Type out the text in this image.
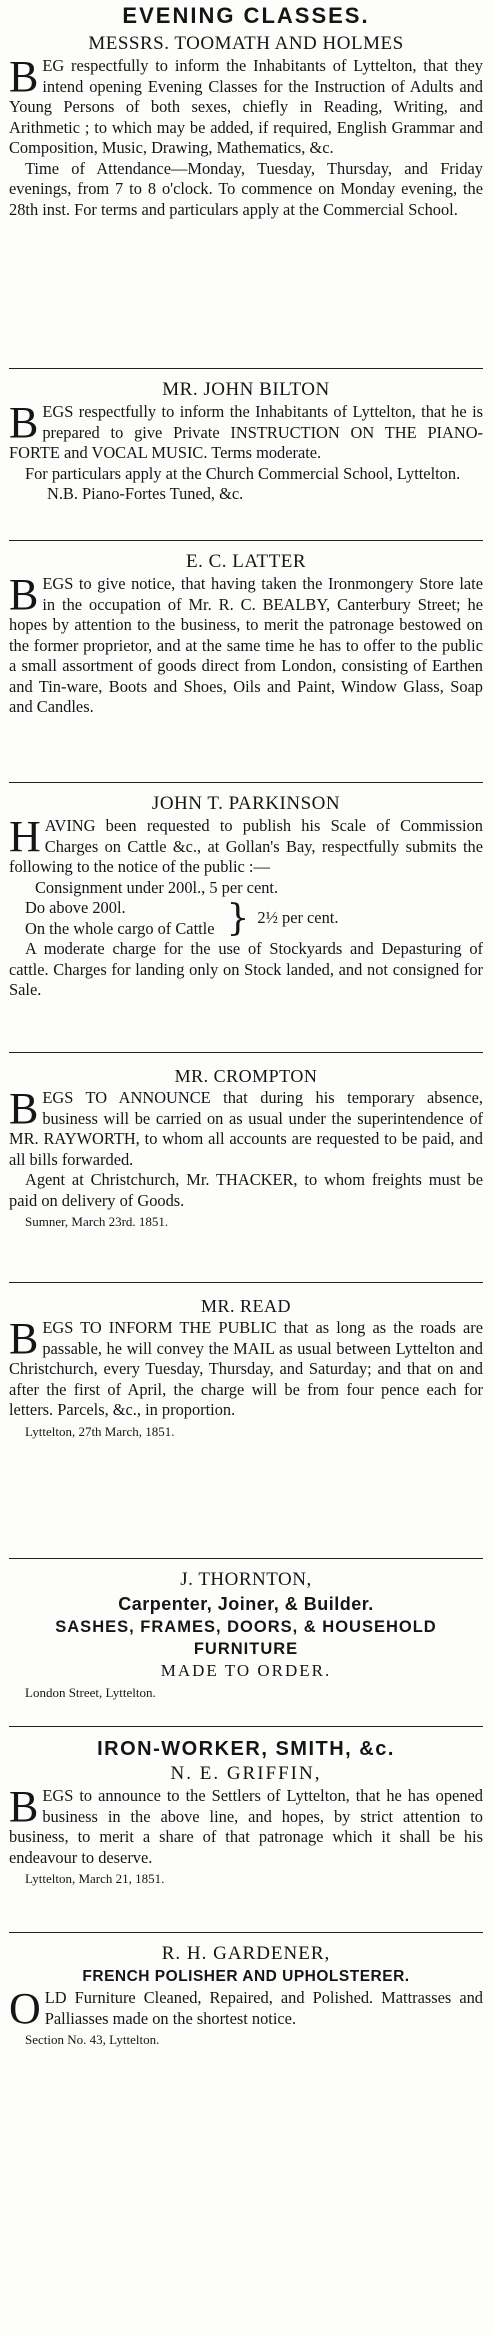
EVENING CLASSES.
MESSRS. TOOMATH AND HOLMES

BEG respectfully to inform the Inhabitants of Lyttelton, that they intend opening Evening Classes for the Instruction of Adults and Young Persons of both sexes, chiefly in Reading, Writing, and Arithmetic ; to which may be added, if required, English Grammar and Composition, Music, Drawing, Mathematics, &c.

Time of Attendance—Monday, Tuesday, Thursday, and Friday evenings, from 7 to 8 o'clock. To commence on Monday evening, the 28th inst. For terms and particulars apply at the Commercial School.

MR. JOHN BILTON

BEGS respectfully to inform the Inhabitants of Lyttelton, that he is prepared to give Private INSTRUCTION ON THE PIANO-FORTE and VOCAL MUSIC. Terms moderate.

For particulars apply at the Church Commercial School, Lyttelton.

N.B. Piano-Fortes Tuned, &c.

E. C. LATTER

BEGS to give notice, that having taken the Ironmongery Store late in the occupation of Mr. R. C. BEALBY, Canterbury Street; he hopes by attention to the business, to merit the patronage bestowed on the former proprietor, and at the same time he has to offer to the public a small assortment of goods direct from London, consisting of Earthen and Tin-ware, Boots and Shoes, Oils and Paint, Window Glass, Soap and Candles.

JOHN T. PARKINSON

HAVING been requested to publish his Scale of Commission Charges on Cattle &c., at Gollan's Bay, respectfully submits the following to the notice of the public :—

Consignment under 200l., 5 per cent.

Do above 200l.

On the whole cargo of Cattle } 2½ per cent.

A moderate charge for the use of Stockyards and Depasturing of cattle. Charges for landing only on Stock landed, and not consigned for Sale.

MR. CROMPTON

BEGS TO ANNOUNCE that during his temporary absence, business will be carried on as usual under the superintendence of MR. RAYWORTH, to whom all accounts are requested to be paid, and all bills forwarded.

Agent at Christchurch, Mr. THACKER, to whom freights must be paid on delivery of Goods.

Sumner, March 23rd. 1851.

MR. READ

BEGS TO INFORM THE PUBLIC that as long as the roads are passable, he will convey the MAIL as usual between Lyttelton and Christchurch, every Tuesday, Thursday, and Saturday; and that on and after the first of April, the charge will be from four pence each for letters. Parcels, &c., in proportion.

Lyttelton, 27th March, 1851.

J. THORNTON,
Carpenter, Joiner, & Builder.
SASHES, FRAMES, DOORS, & HOUSEHOLD
FURNITURE
MADE TO ORDER.

London Street, Lyttelton.

IRON-WORKER, SMITH, &c.
N. E. GRIFFIN,

BEGS to announce to the Settlers of Lyttelton, that he has opened business in the above line, and hopes, by strict attention to business, to merit a share of that patronage which it shall be his endeavour to deserve.

Lyttelton, March 21, 1851.

R. H. GARDENER,
FRENCH POLISHER AND UPHOLSTERER.

OLD Furniture Cleaned, Repaired, and Polished. Mattrasses and Palliasses made on the shortest notice.

Section No. 43, Lyttelton.
